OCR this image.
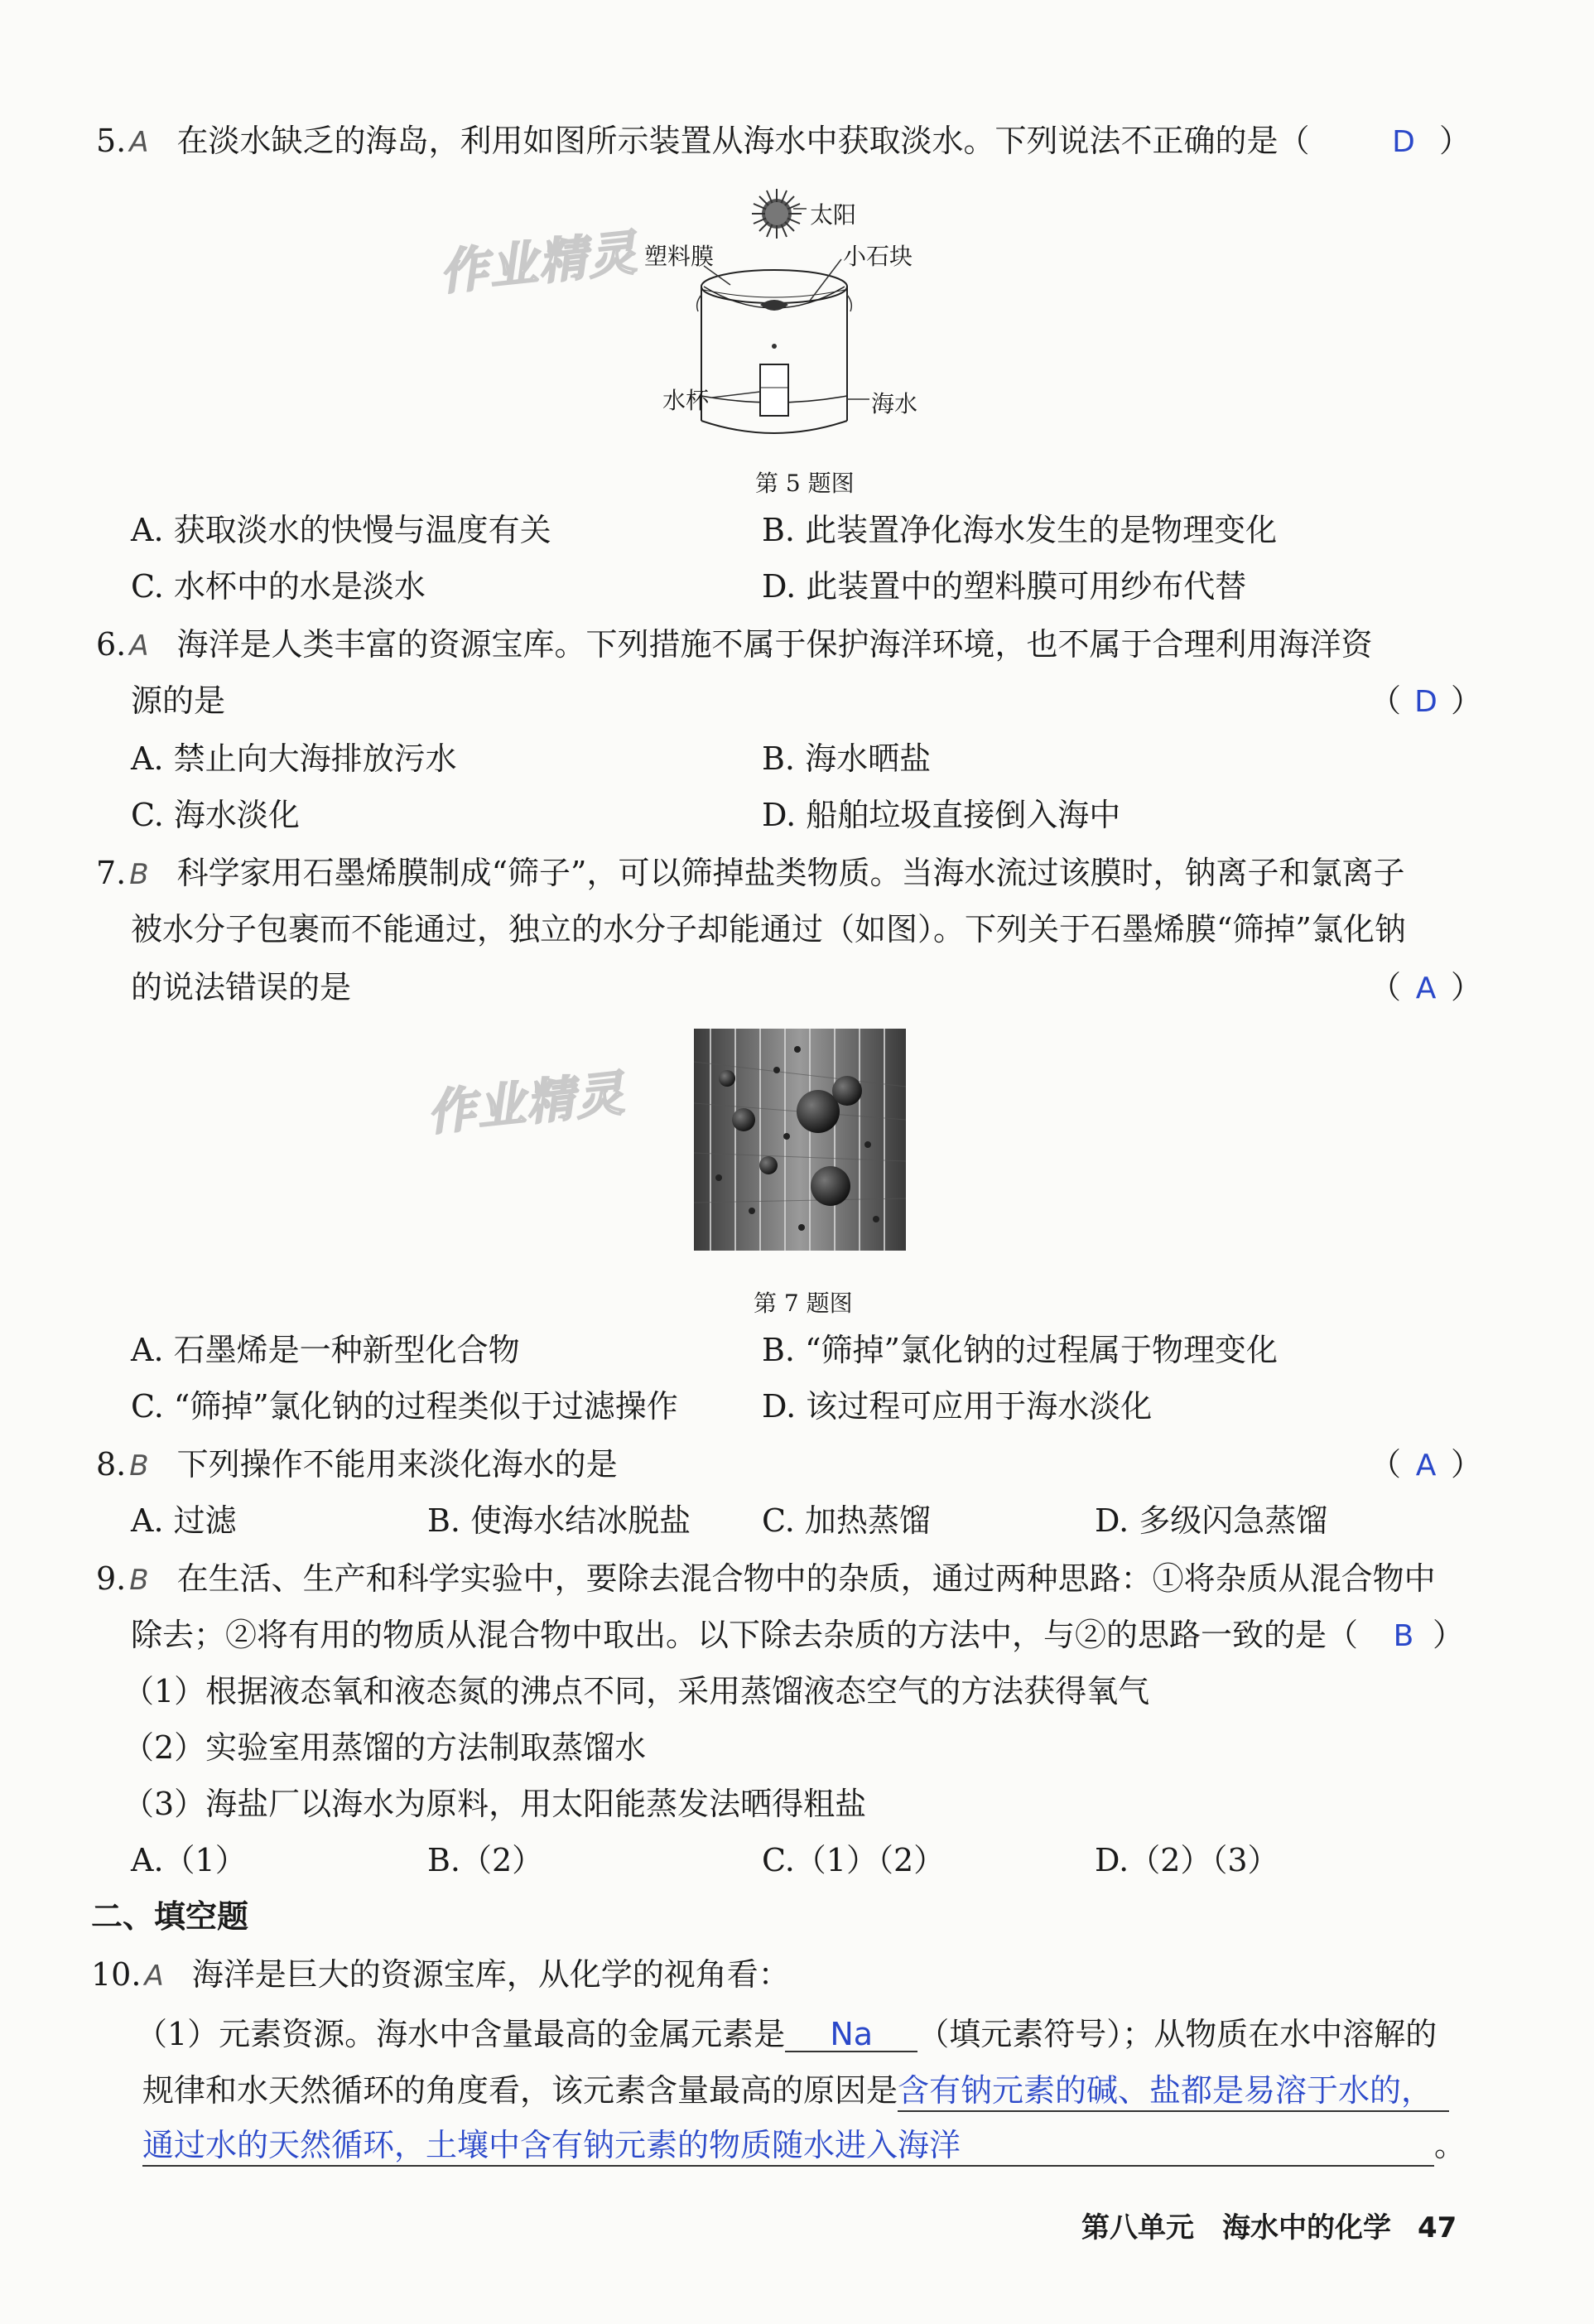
作业精灵
作业精灵
5. A 在淡水缺乏的海岛，利用如图所示装置从海水中获取淡水。下列说法不正确的是（	D ）
太阳
塑料膜	小石块
水杯	海水
第 5 题图
A. 获取淡水的快慢与温度有关	B. 此装置净化海水发生的是物理变化
C. 水杯中的水是淡水	D. 此装置中的塑料膜可用纱布代替
6. A 海洋是人类丰富的资源宝库。下列措施不属于保护海洋环境，也不属于合理利用海洋资
源的是	（ D ）
A. 禁止向大海排放污水	B. 海水晒盐
C. 海水淡化	D. 船舶垃圾直接倒入海中
7. B 科学家用石墨烯膜制成“筛子”，可以筛掉盐类物质。当海水流过该膜时，钠离子和氯离子
被水分子包裹而不能通过，独立的水分子却能通过（如图）。下列关于石墨烯膜“筛掉”氯化钠
的说法错误的是	（ A ）
第 7 题图
A. 石墨烯是一种新型化合物	B. “筛掉”氯化钠的过程属于物理变化
C. “筛掉”氯化钠的过程类似于过滤操作	D. 该过程可应用于海水淡化
8. B 下列操作不能用来淡化海水的是	（ A ）
A. 过滤	B. 使海水结冰脱盐 C. 加热蒸馏	D. 多级闪急蒸馏
9. B 在生活、生产和科学实验中，要除去混合物中的杂质，通过两种思路：①将杂质从混合物中
除去；②将有用的物质从混合物中取出。以下除去杂质的方法中，与②的思路一致的是（	B ）
（1）根据液态氧和液态氮的沸点不同，采用蒸馏液态空气的方法获得氧气
（2）实验室用蒸馏的方法制取蒸馏水
（3）海盐厂以海水为原料，用太阳能蒸发法晒得粗盐
A.（1）	B.（2）	C.（1）（2）	D.（2）（3）
二、填空题
10. A 海洋是巨大的资源宝库，从化学的视角看：
（1）元素资源。海水中含量最高的金属元素是 Na （填元素符号）；从物质在水中溶解的
规律和水天然循环的角度看，该元素含量最高的原因是含有钠元素的碱、盐都是易溶于水的，
通过水的天然循环，土壤中含有钠元素的物质随水进入海洋	。
第八单元 海水中的化学 47
